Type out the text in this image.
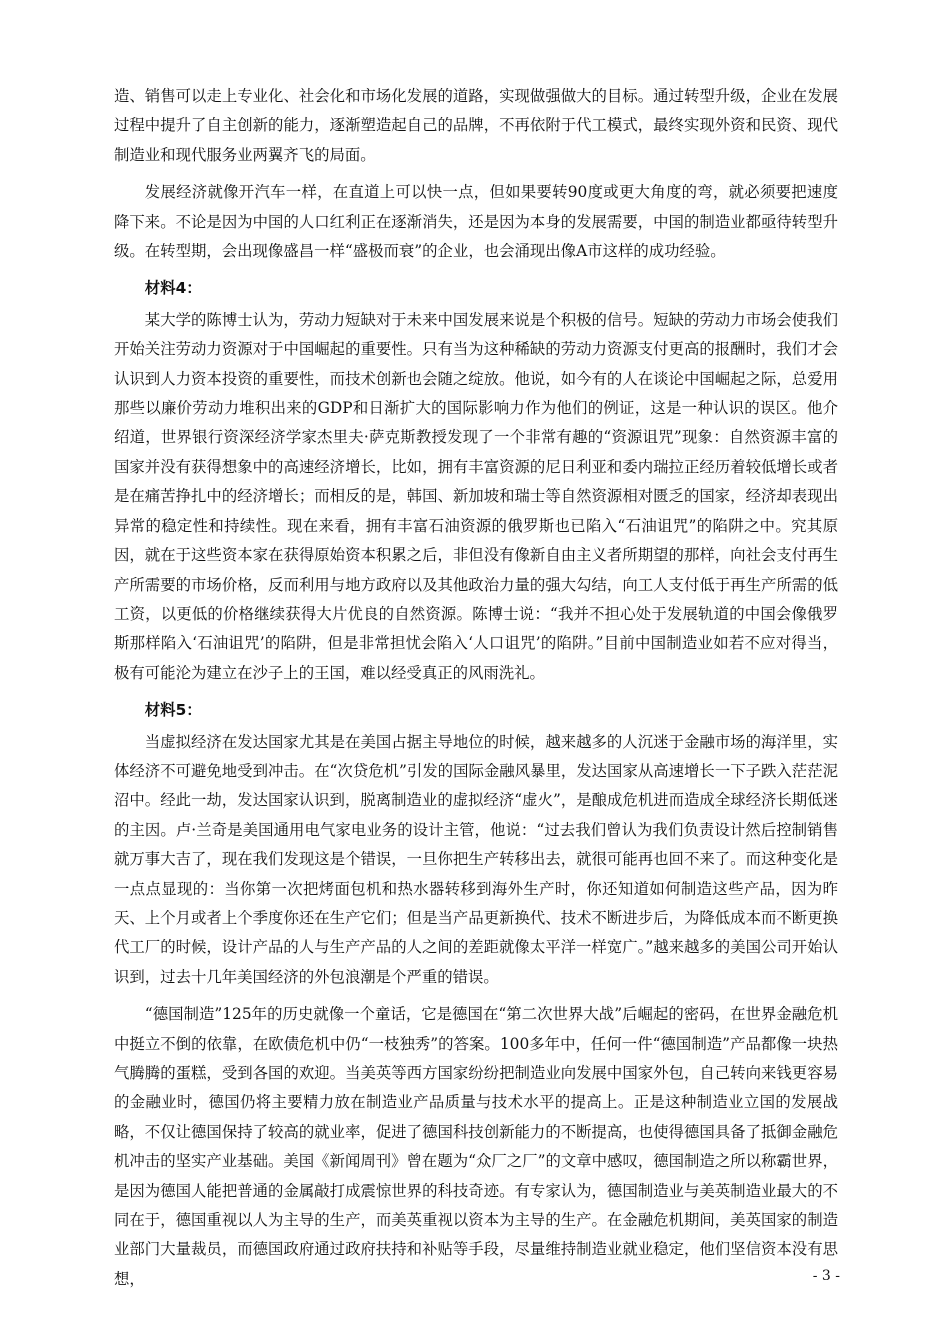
造、销售可以走上专业化、社会化和市场化发展的道路，实现做强做大的目标。通过转型升级，企业在发展过程中提升了自主创新的能力，逐渐塑造起自己的品牌，不再依附于代工模式，最终实现外资和民资、现代制造业和现代服务业两翼齐飞的局面。

发展经济就像开汽车一样，在直道上可以快一点，但如果要转90度或更大角度的弯，就必须要把速度降下来。不论是因为中国的人口红利正在逐渐消失，还是因为本身的发展需要，中国的制造业都亟待转型升级。在转型期，会出现像盛昌一样“盛极而衰”的企业，也会涌现出像A市这样的成功经验。

材料4：

某大学的陈博士认为，劳动力短缺对于未来中国发展来说是个积极的信号。短缺的劳动力市场会使我们开始关注劳动力资源对于中国崛起的重要性。只有当为这种稀缺的劳动力资源支付更高的报酬时，我们才会认识到人力资本投资的重要性，而技术创新也会随之绽放。他说，如今有的人在谈论中国崛起之际，总爱用那些以廉价劳动力堆积出来的GDP和日渐扩大的国际影响力作为他们的例证，这是一种认识的误区。他介绍道，世界银行资深经济学家杰里夫·萨克斯教授发现了一个非常有趣的“资源诅咒”现象：自然资源丰富的国家并没有获得想象中的高速经济增长，比如，拥有丰富资源的尼日利亚和委内瑞拉正经历着较低增长或者是在痛苦挣扎中的经济增长；而相反的是，韩国、新加坡和瑞士等自然资源相对匮乏的国家，经济却表现出异常的稳定性和持续性。现在来看，拥有丰富石油资源的俄罗斯也已陷入“石油诅咒”的陷阱之中。究其原因，就在于这些资本家在获得原始资本积累之后，非但没有像新自由主义者所期望的那样，向社会支付再生产所需要的市场价格，反而利用与地方政府以及其他政治力量的强大勾结，向工人支付低于再生产所需的低工资，以更低的价格继续获得大片优良的自然资源。陈博士说：“我并不担心处于发展轨道的中国会像俄罗斯那样陷入‘石油诅咒’的陷阱，但是非常担忧会陷入‘人口诅咒’的陷阱。”目前中国制造业如若不应对得当，极有可能沦为建立在沙子上的王国，难以经受真正的风雨洗礼。

材料5：

当虚拟经济在发达国家尤其是在美国占据主导地位的时候，越来越多的人沉迷于金融市场的海洋里，实体经济不可避免地受到冲击。在“次贷危机”引发的国际金融风暴里，发达国家从高速增长一下子跌入茫茫泥沼中。经此一劫，发达国家认识到，脱离制造业的虚拟经济“虚火”，是酿成危机进而造成全球经济长期低迷的主因。卢·兰奇是美国通用电气家电业务的设计主管，他说：“过去我们曾认为我们负责设计然后控制销售就万事大吉了，现在我们发现这是个错误，一旦你把生产转移出去，就很可能再也回不来了。而这种变化是一点点显现的：当你第一次把烤面包机和热水器转移到海外生产时，你还知道如何制造这些产品，因为昨天、上个月或者上个季度你还在生产它们；但是当产品更新换代、技术不断进步后，为降低成本而不断更换代工厂的时候，设计产品的人与生产产品的人之间的差距就像太平洋一样宽广。”越来越多的美国公司开始认识到，过去十几年美国经济的外包浪潮是个严重的错误。

“德国制造”125年的历史就像一个童话，它是德国在“第二次世界大战”后崛起的密码，在世界金融危机中挺立不倒的依靠，在欧债危机中仍“一枝独秀”的答案。100多年中，任何一件“德国制造”产品都像一块热气腾腾的蛋糕，受到各国的欢迎。当美英等西方国家纷纷把制造业向发展中国家外包，自己转向来钱更容易的金融业时，德国仍将主要精力放在制造业产品质量与技术水平的提高上。正是这种制造业立国的发展战略，不仅让德国保持了较高的就业率，促进了德国科技创新能力的不断提高，也使得德国具备了抵御金融危机冲击的坚实产业基础。美国《新闻周刊》曾在题为“众厂之厂”的文章中感叹，德国制造之所以称霸世界，是因为德国人能把普通的金属敲打成震惊世界的科技奇迹。有专家认为，德国制造业与美英制造业最大的不同在于，德国重视以人为主导的生产，而美英重视以资本为主导的生产。在金融危机期间，美英国家的制造业部门大量裁员，而德国政府通过政府扶持和补贴等手段，尽量维持制造业就业稳定，他们坚信资本没有思想，	- 3 -
